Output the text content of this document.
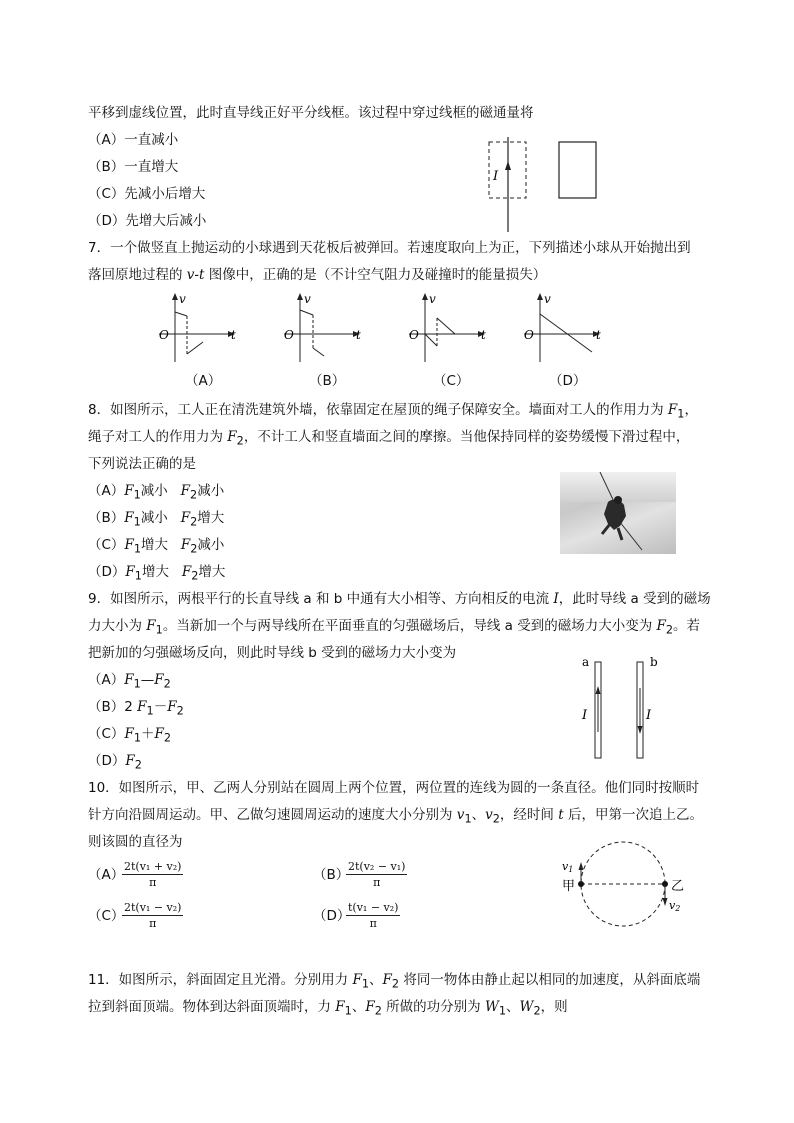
平移到虚线位置，此时直导线正好平分线框。该过程中穿过线框的磁通量将
（A）一直减小
（B）一直增大
（C）先减小后增大
（D）先增大后减小
I
7．一个做竖直上抛运动的小球遇到天花板后被弹回。若速度取向上为正，下列描述小球从开始抛出到
落回原地过程的 v-t 图像中，正确的是（不计空气阻力及碰撞时的能量损失）
v
O	t
v
O	t
v
O	t
v
O	t
（A）	（B）	（C）	（D）
8．如图所示，工人正在清洗建筑外墙，依靠固定在屋顶的绳子保障安全。墙面对工人的作用力为 $F_1$，
绳子对工人的作用力为 $F_2$，不计工人和竖直墙面之间的摩擦。当他保持同样的姿势缓慢下滑过程中，
下列说法正确的是
$(A)F_1$减小 $F_2$减小
$(B)F_1$减小 $F_2$增大
$(C)F_1$增大 $F_2$减小
$(D)F_1$增大 $F_2$增大
9．如图所示，两根平行的长直导线 a 和 b 中通有大小相等、方向相反的电流 I，此时导线 a 受到的磁场
力大小为 $F_1$。当新加一个与两导线所在平面垂直的匀强磁场后，导线 a 受到的磁场力大小变为 $F_2$。若
把新加的匀强磁场反向，则此时导线 b 受到的磁场力大小变为
$(A)F_1—F_2$
（B）2 $F_1-F_2$
$(C)F_1+F_2$
$(D)F_2$
a	b
I	I
10．如图所示，甲、乙两人分别站在圆周上两个位置，两位置的连线为圆的一条直径。他们同时按顺时
针方向沿圆周运动。甲、乙做匀速圆周运动的速度大小分别为 $v_1$、$v_2$，经时间 t 后，甲第一次追上乙。
则该圆的直径为
（A）
$\frac{\text{2t(v₁ + v₂)}}{\pi}$	（B）
$\frac{\text{2t(v₂ − v₁)}}{\pi}$
（C）
$\frac{\text{2t(v₁ − v₂)}}{\pi}$	（D）
$\frac{\text{t(v₁ − v₂)}}{\pi}$
v1
v2
甲	乙
11．如图所示，斜面固定且光滑。分别用力 $F_1$、$F_2$ 将同一物体由静止起以相同的加速度，从斜面底端
拉到斜面顶端。物体到达斜面顶端时，力 $F_1$、$F_2$ 所做的功分别为 $W_1$、$W_2$，则
